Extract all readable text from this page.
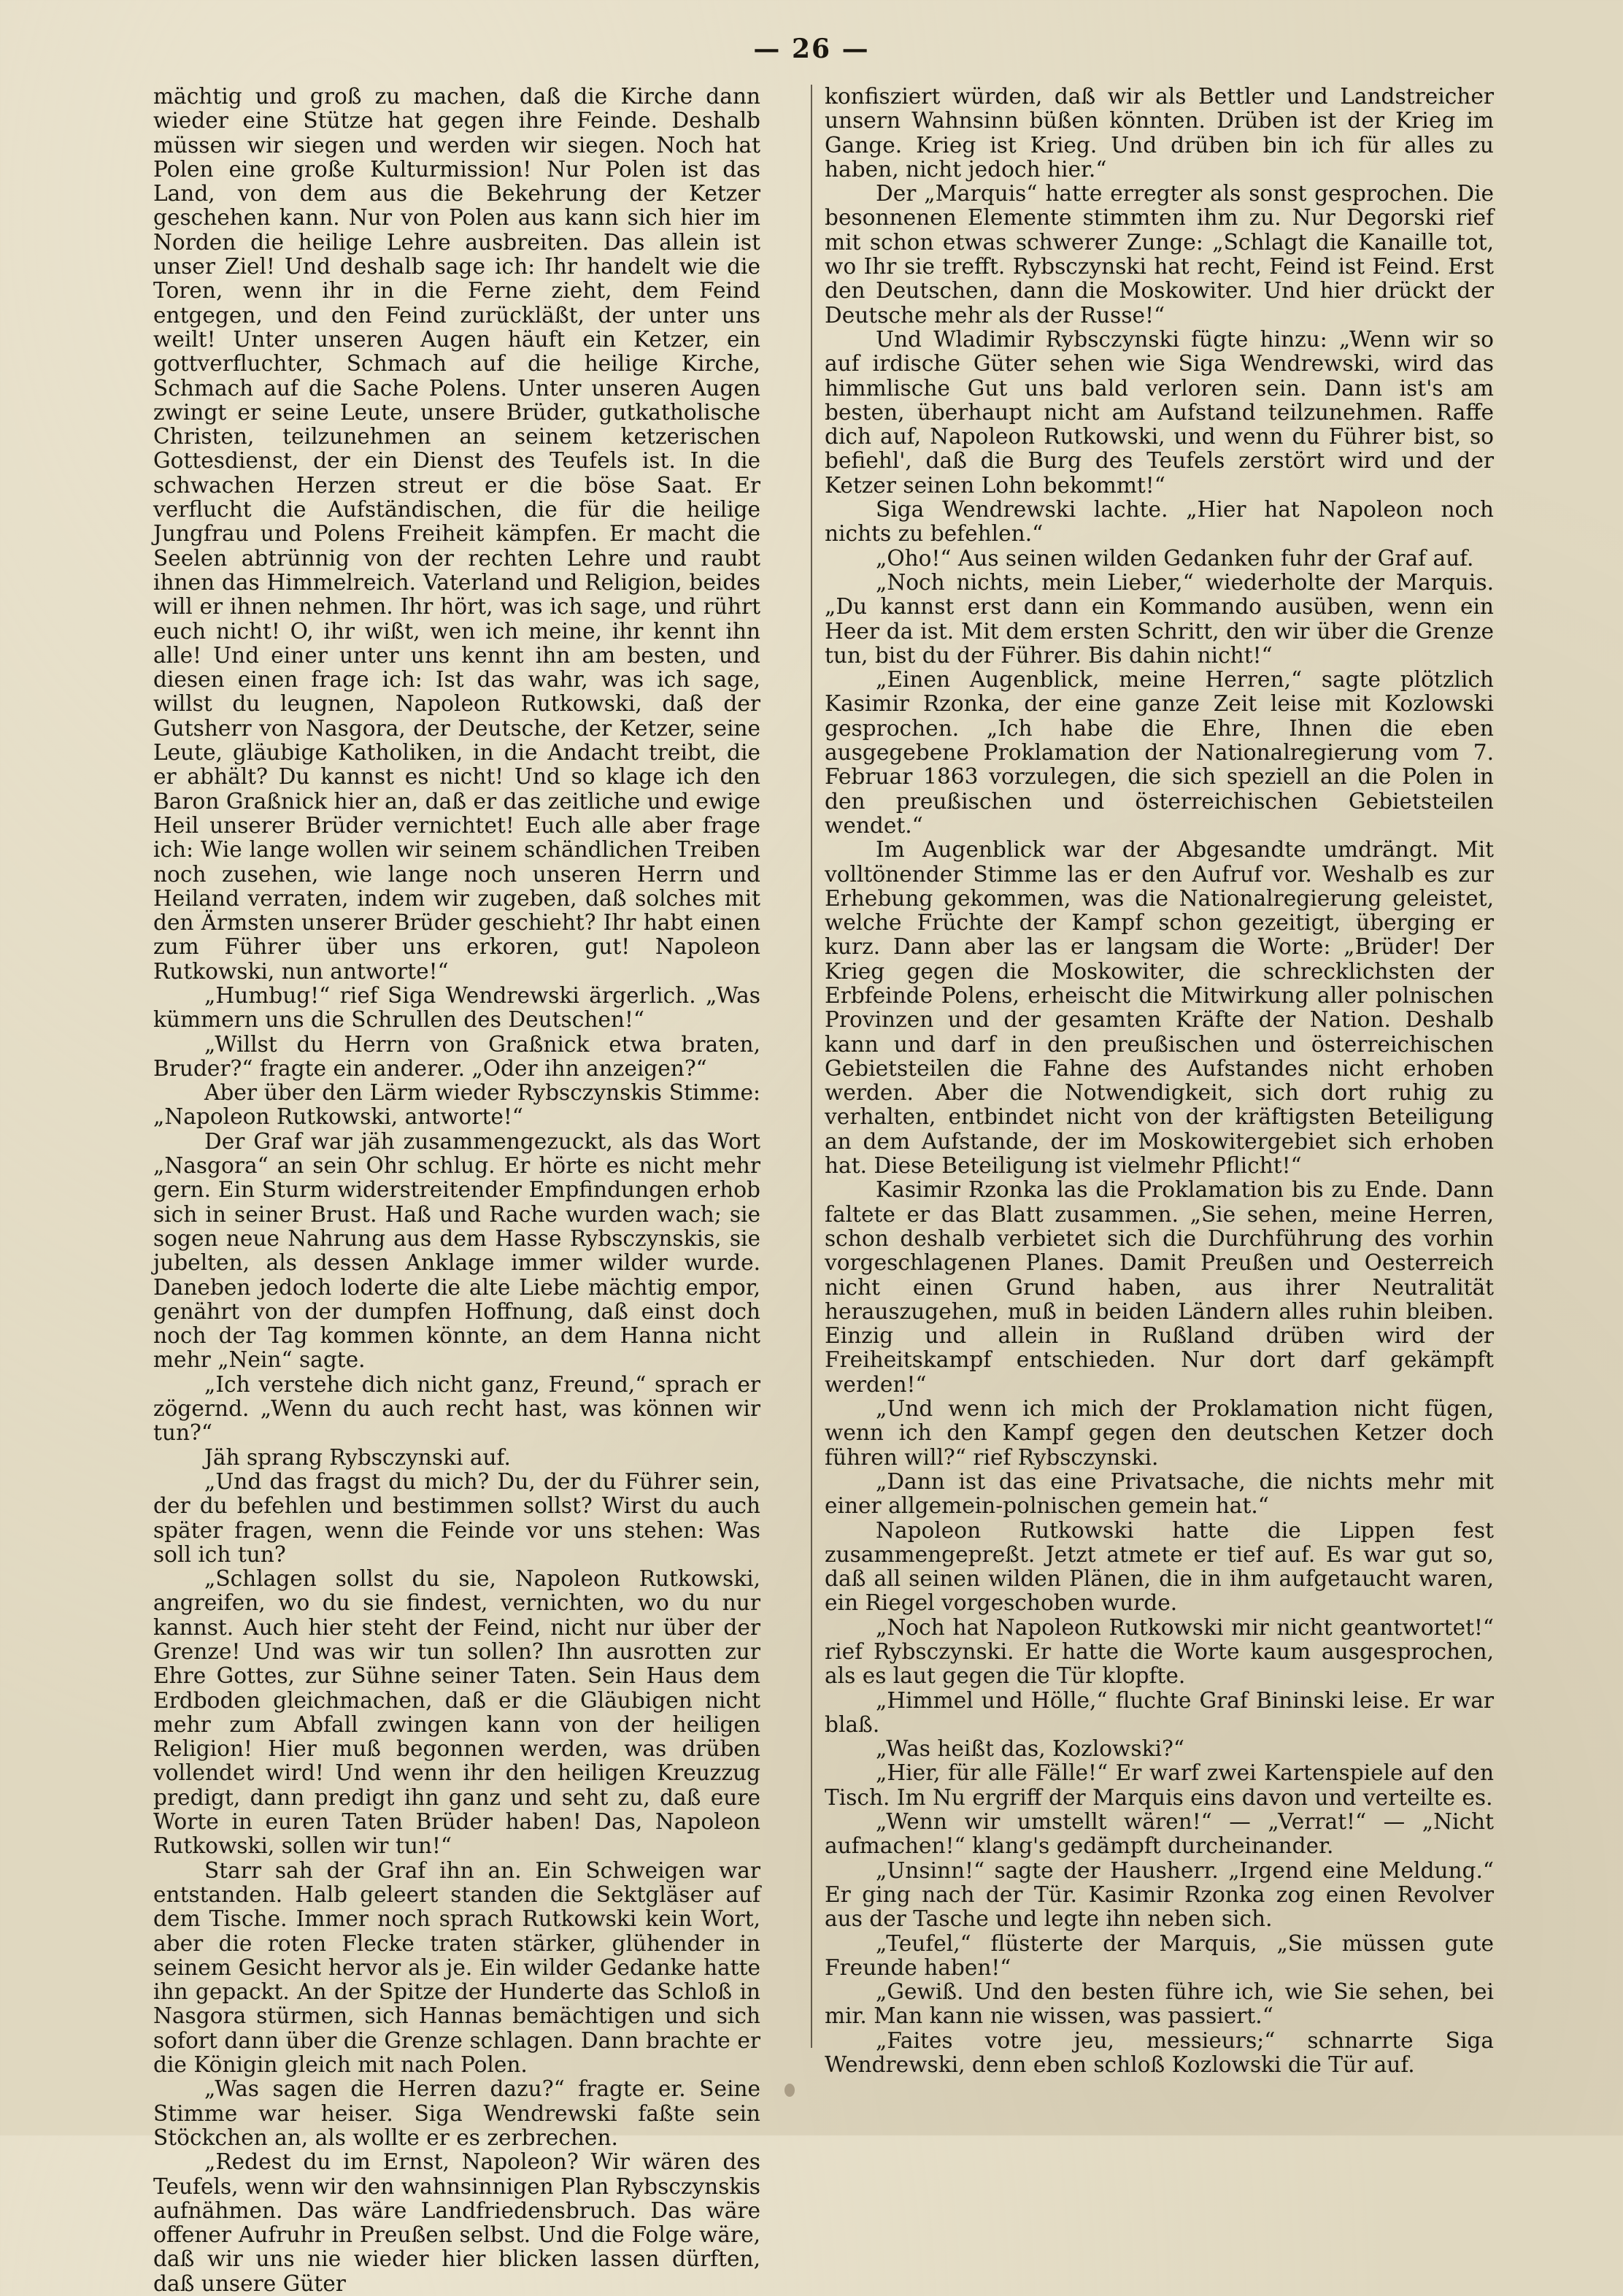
— 26 —

mächtig und groß zu machen, daß die Kirche dann wieder eine Stütze hat gegen ihre Feinde. Deshalb müssen wir siegen und werden wir siegen. Noch hat Polen eine große Kulturmission! Nur Polen ist das Land, von dem aus die Bekehrung der Ketzer geschehen kann. Nur von Polen aus kann sich hier im Norden die heilige Lehre ausbreiten. Das allein ist unser Ziel! Und deshalb sage ich: Ihr handelt wie die Toren, wenn ihr in die Ferne zieht, dem Feind entgegen, und den Feind zurückläßt, der unter uns weilt! Unter unseren Augen häuft ein Ketzer, ein gottverfluchter, Schmach auf die heilige Kirche, Schmach auf die Sache Polens. Unter unseren Augen zwingt er seine Leute, unsere Brüder, gutkatholische Christen, teilzunehmen an seinem ketzerischen Gottesdienst, der ein Dienst des Teufels ist. In die schwachen Herzen streut er die böse Saat. Er verflucht die Aufständischen, die für die heilige Jungfrau und Polens Freiheit kämpfen. Er macht die Seelen abtrünnig von der rechten Lehre und raubt ihnen das Himmelreich. Vaterland und Religion, beides will er ihnen nehmen. Ihr hört, was ich sage, und rührt euch nicht! O, ihr wißt, wen ich meine, ihr kennt ihn alle! Und einer unter uns kennt ihn am besten, und diesen einen frage ich: Ist das wahr, was ich sage, willst du leugnen, Napoleon Rutkowski, daß der Gutsherr von Nasgora, der Deutsche, der Ketzer, seine Leute, gläubige Katholiken, in die Andacht treibt, die er abhält? Du kannst es nicht! Und so klage ich den Baron Graßnick hier an, daß er das zeitliche und ewige Heil unserer Brüder vernichtet! Euch alle aber frage ich: Wie lange wollen wir seinem schändlichen Treiben noch zusehen, wie lange noch unseren Herrn und Heiland verraten, indem wir zugeben, daß solches mit den Ärmsten unserer Brüder geschieht? Ihr habt einen zum Führer über uns erkoren, gut! Napoleon Rutkowski, nun antworte!“

„Humbug!“ rief Siga Wendrewski ärgerlich. „Was kümmern uns die Schrullen des Deutschen!“

„Willst du Herrn von Graßnick etwa braten, Bruder?“ fragte ein anderer. „Oder ihn anzeigen?“

Aber über den Lärm wieder Rybsczynskis Stimme: „Napoleon Rutkowski, antworte!“

Der Graf war jäh zusammengezuckt, als das Wort „Nasgora“ an sein Ohr schlug. Er hörte es nicht mehr gern. Ein Sturm widerstreitender Empfindungen erhob sich in seiner Brust. Haß und Rache wurden wach; sie sogen neue Nahrung aus dem Hasse Rybsczynskis, sie jubelten, als dessen Anklage immer wilder wurde. Daneben jedoch loderte die alte Liebe mächtig empor, genährt von der dumpfen Hoffnung, daß einst doch noch der Tag kommen könnte, an dem Hanna nicht mehr „Nein“ sagte.

„Ich verstehe dich nicht ganz, Freund,“ sprach er zögernd. „Wenn du auch recht hast, was können wir tun?“

Jäh sprang Rybsczynski auf.

„Und das fragst du mich? Du, der du Führer sein, der du befehlen und bestimmen sollst? Wirst du auch später fragen, wenn die Feinde vor uns stehen: Was soll ich tun?

„Schlagen sollst du sie, Napoleon Rutkowski, angreifen, wo du sie findest, vernichten, wo du nur kannst. Auch hier steht der Feind, nicht nur über der Grenze! Und was wir tun sollen? Ihn ausrotten zur Ehre Gottes, zur Sühne seiner Taten. Sein Haus dem Erdboden gleichmachen, daß er die Gläubigen nicht mehr zum Abfall zwingen kann von der heiligen Religion! Hier muß begonnen werden, was drüben vollendet wird! Und wenn ihr den heiligen Kreuzzug predigt, dann predigt ihn ganz und seht zu, daß eure Worte in euren Taten Brüder haben! Das, Napoleon Rutkowski, sollen wir tun!“

Starr sah der Graf ihn an. Ein Schweigen war entstanden. Halb geleert standen die Sektgläser auf dem Tische. Immer noch sprach Rutkowski kein Wort, aber die roten Flecke traten stärker, glühender in seinem Gesicht hervor als je. Ein wilder Gedanke hatte ihn gepackt. An der Spitze der Hunderte das Schloß in Nasgora stürmen, sich Hannas bemächtigen und sich sofort dann über die Grenze schlagen. Dann brachte er die Königin gleich mit nach Polen.

„Was sagen die Herren dazu?“ fragte er. Seine Stimme war heiser. Siga Wendrewski faßte sein Stöckchen an, als wollte er es zerbrechen.

„Redest du im Ernst, Napoleon? Wir wären des Teufels, wenn wir den wahnsinnigen Plan Rybsczynskis aufnähmen. Das wäre Landfriedensbruch. Das wäre offener Aufruhr in Preußen selbst. Und die Folge wäre, daß wir uns nie wieder hier blicken lassen dürften, daß unsere Güter

konfisziert würden, daß wir als Bettler und Landstreicher unsern Wahnsinn büßen könnten. Drüben ist der Krieg im Gange. Krieg ist Krieg. Und drüben bin ich für alles zu haben, nicht jedoch hier.“

Der „Marquis“ hatte erregter als sonst gesprochen. Die besonnenen Elemente stimmten ihm zu. Nur Degorski rief mit schon etwas schwerer Zunge: „Schlagt die Kanaille tot, wo Ihr sie trefft. Rybsczynski hat recht, Feind ist Feind. Erst den Deutschen, dann die Moskowiter. Und hier drückt der Deutsche mehr als der Russe!“

Und Wladimir Rybsczynski fügte hinzu: „Wenn wir so auf irdische Güter sehen wie Siga Wendrewski, wird das himmlische Gut uns bald verloren sein. Dann ist's am besten, überhaupt nicht am Aufstand teilzunehmen. Raffe dich auf, Napoleon Rutkowski, und wenn du Führer bist, so befiehl', daß die Burg des Teufels zerstört wird und der Ketzer seinen Lohn bekommt!“

Siga Wendrewski lachte. „Hier hat Napoleon noch nichts zu befehlen.“

„Oho!“ Aus seinen wilden Gedanken fuhr der Graf auf.

„Noch nichts, mein Lieber,“ wiederholte der Marquis. „Du kannst erst dann ein Kommando ausüben, wenn ein Heer da ist. Mit dem ersten Schritt, den wir über die Grenze tun, bist du der Führer. Bis dahin nicht!“

„Einen Augenblick, meine Herren,“ sagte plötzlich Kasimir Rzonka, der eine ganze Zeit leise mit Kozlowski gesprochen. „Ich habe die Ehre, Ihnen die eben ausgegebene Proklamation der Nationalregierung vom 7. Februar 1863 vorzulegen, die sich speziell an die Polen in den preußischen und österreichischen Gebietsteilen wendet.“

Im Augenblick war der Abgesandte umdrängt. Mit volltönender Stimme las er den Aufruf vor. Weshalb es zur Erhebung gekommen, was die Nationalregierung geleistet, welche Früchte der Kampf schon gezeitigt, überging er kurz. Dann aber las er langsam die Worte: „Brüder! Der Krieg gegen die Moskowiter, die schrecklichsten der Erbfeinde Polens, erheischt die Mitwirkung aller polnischen Provinzen und der gesamten Kräfte der Nation. Deshalb kann und darf in den preußischen und österreichischen Gebietsteilen die Fahne des Aufstandes nicht erhoben werden. Aber die Notwendigkeit, sich dort ruhig zu verhalten, entbindet nicht von der kräftigsten Beteiligung an dem Aufstande, der im Moskowitergebiet sich erhoben hat. Diese Beteiligung ist vielmehr Pflicht!“

Kasimir Rzonka las die Proklamation bis zu Ende. Dann faltete er das Blatt zusammen. „Sie sehen, meine Herren, schon deshalb verbietet sich die Durchführung des vorhin vorgeschlagenen Planes. Damit Preußen und Oesterreich nicht einen Grund haben, aus ihrer Neutralität herauszugehen, muß in beiden Ländern alles ruhin bleiben. Einzig und allein in Rußland drüben wird der Freiheitskampf entschieden. Nur dort darf gekämpft werden!“

„Und wenn ich mich der Proklamation nicht fügen, wenn ich den Kampf gegen den deutschen Ketzer doch führen will?“ rief Rybsczynski.

„Dann ist das eine Privatsache, die nichts mehr mit einer allgemein-polnischen gemein hat.“

Napoleon Rutkowski hatte die Lippen fest zusammengepreßt. Jetzt atmete er tief auf. Es war gut so, daß all seinen wilden Plänen, die in ihm aufgetaucht waren, ein Riegel vorgeschoben wurde.

„Noch hat Napoleon Rutkowski mir nicht geantwortet!“ rief Rybsczynski. Er hatte die Worte kaum ausgesprochen, als es laut gegen die Tür klopfte.

„Himmel und Hölle,“ fluchte Graf Bininski leise. Er war blaß.

„Was heißt das, Kozlowski?“

„Hier, für alle Fälle!“ Er warf zwei Kartenspiele auf den Tisch. Im Nu ergriff der Marquis eins davon und verteilte es.

„Wenn wir umstellt wären!“ — „Verrat!“ — „Nicht aufmachen!“ klang's gedämpft durcheinander.

„Unsinn!“ sagte der Hausherr. „Irgend eine Meldung.“ Er ging nach der Tür. Kasimir Rzonka zog einen Revolver aus der Tasche und legte ihn neben sich.

„Teufel,“ flüsterte der Marquis, „Sie müssen gute Freunde haben!“

„Gewiß. Und den besten führe ich, wie Sie sehen, bei mir. Man kann nie wissen, was passiert.“

„Faites votre jeu, messieurs;“ schnarrte Siga Wendrewski, denn eben schloß Kozlowski die Tür auf.
